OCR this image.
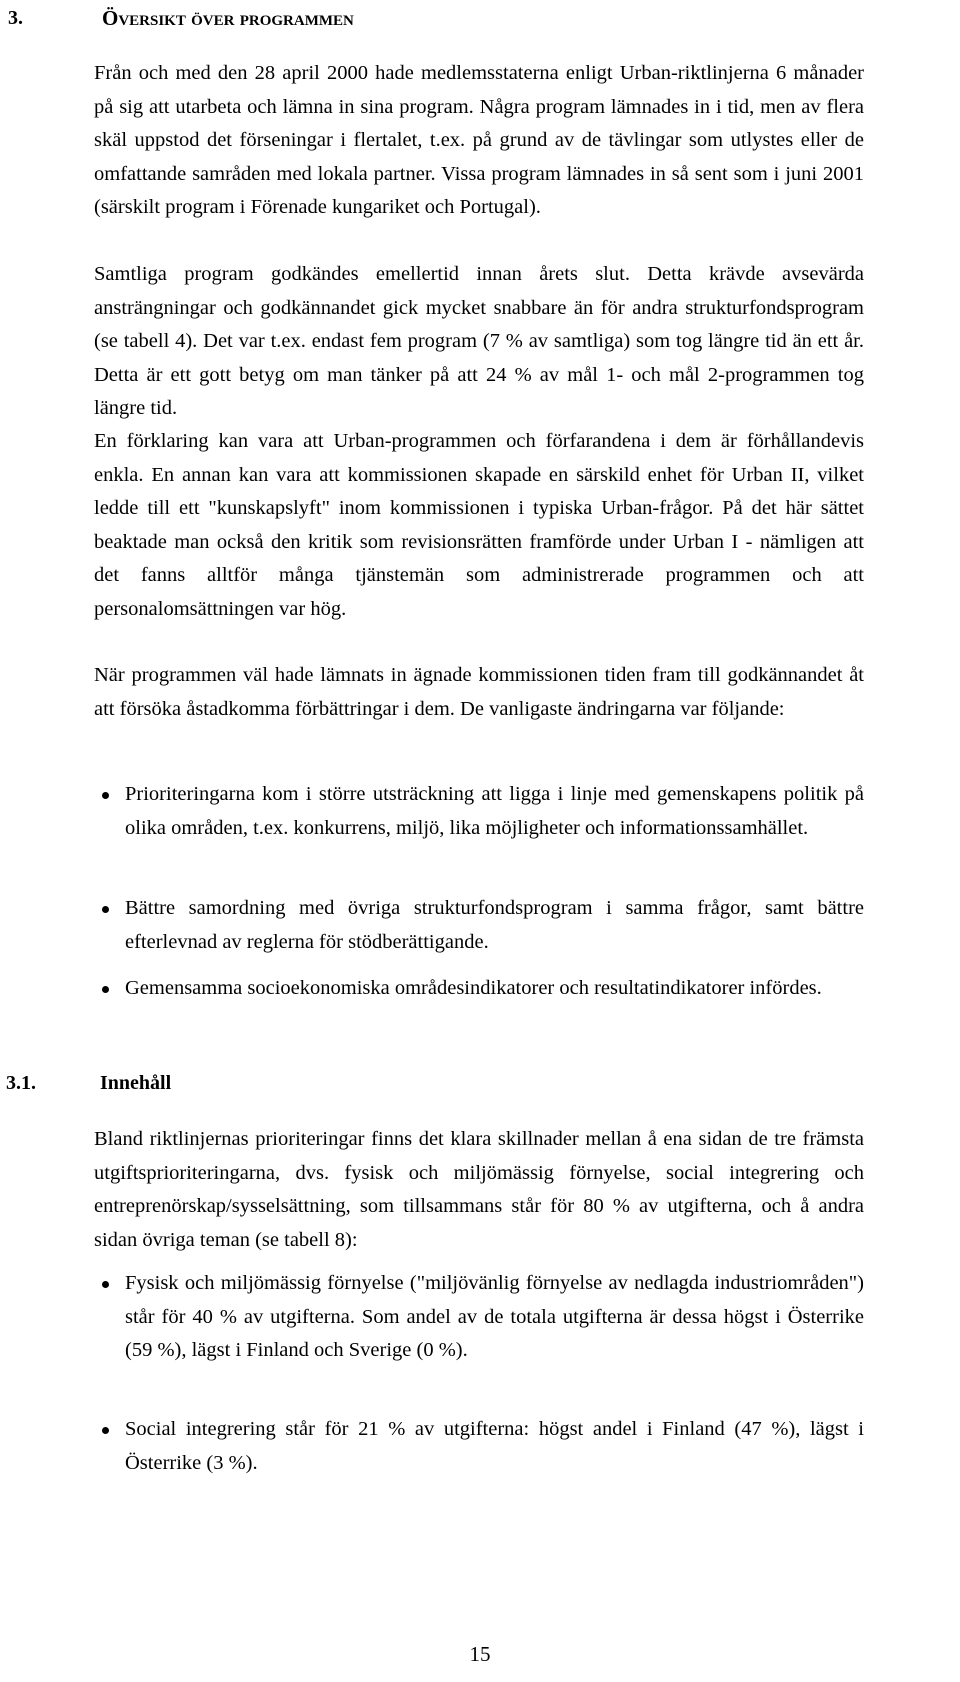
3.	Översikt över programmen

Från och med den 28 april 2000 hade medlemsstaterna enligt Urban-riktlinjerna 6 månader på sig att utarbeta och lämna in sina program. Några program lämnades in i tid, men av flera skäl uppstod det förseningar i flertalet, t.ex. på grund av de tävlingar som utlystes eller de omfattande samråden med lokala partner. Vissa program lämnades in så sent som i juni 2001 (särskilt program i Förenade kungariket och Portugal).

Samtliga program godkändes emellertid innan årets slut. Detta krävde avsevärda ansträngningar och godkännandet gick mycket snabbare än för andra strukturfondsprogram (se tabell 4). Det var t.ex. endast fem program (7 % av samtliga) som tog längre tid än ett år. Detta är ett gott betyg om man tänker på att 24 % av mål 1- och mål 2-programmen tog längre tid.

En förklaring kan vara att Urban-programmen och förfarandena i dem är förhållandevis enkla. En annan kan vara att kommissionen skapade en särskild enhet för Urban II, vilket ledde till ett "kunskapslyft" inom kommissionen i typiska Urban-frågor. På det här sättet beaktade man också den kritik som revisionsrätten framförde under Urban I - nämligen att det fanns alltför många tjänstemän som administrerade programmen och att personalomsättningen var hög.

När programmen väl hade lämnats in ägnade kommissionen tiden fram till godkännandet åt att försöka åstadkomma förbättringar i dem. De vanligaste ändringarna var följande:

Prioriteringarna kom i större utsträckning att ligga i linje med gemenskapens politik på olika områden, t.ex. konkurrens, miljö, lika möjligheter och informationssamhället.

Bättre samordning med övriga strukturfondsprogram i samma frågor, samt bättre efterlevnad av reglerna för stödberättigande.

Gemensamma socioekonomiska områdesindikatorer och resultatindikatorer infördes.

3.1.	Innehåll

Bland riktlinjernas prioriteringar finns det klara skillnader mellan å ena sidan de tre främsta utgiftsprioriteringarna, dvs. fysisk och miljömässig förnyelse, social integrering och entreprenörskap/sysselsättning, som tillsammans står för 80 % av utgifterna, och å andra sidan övriga teman (se tabell 8):

Fysisk och miljömässig förnyelse ("miljövänlig förnyelse av nedlagda industriområden") står för 40 % av utgifterna. Som andel av de totala utgifterna är dessa högst i Österrike (59 %), lägst i Finland och Sverige (0 %).

Social integrering står för 21 % av utgifterna: högst andel i Finland (47 %), lägst i Österrike (3 %).

15
